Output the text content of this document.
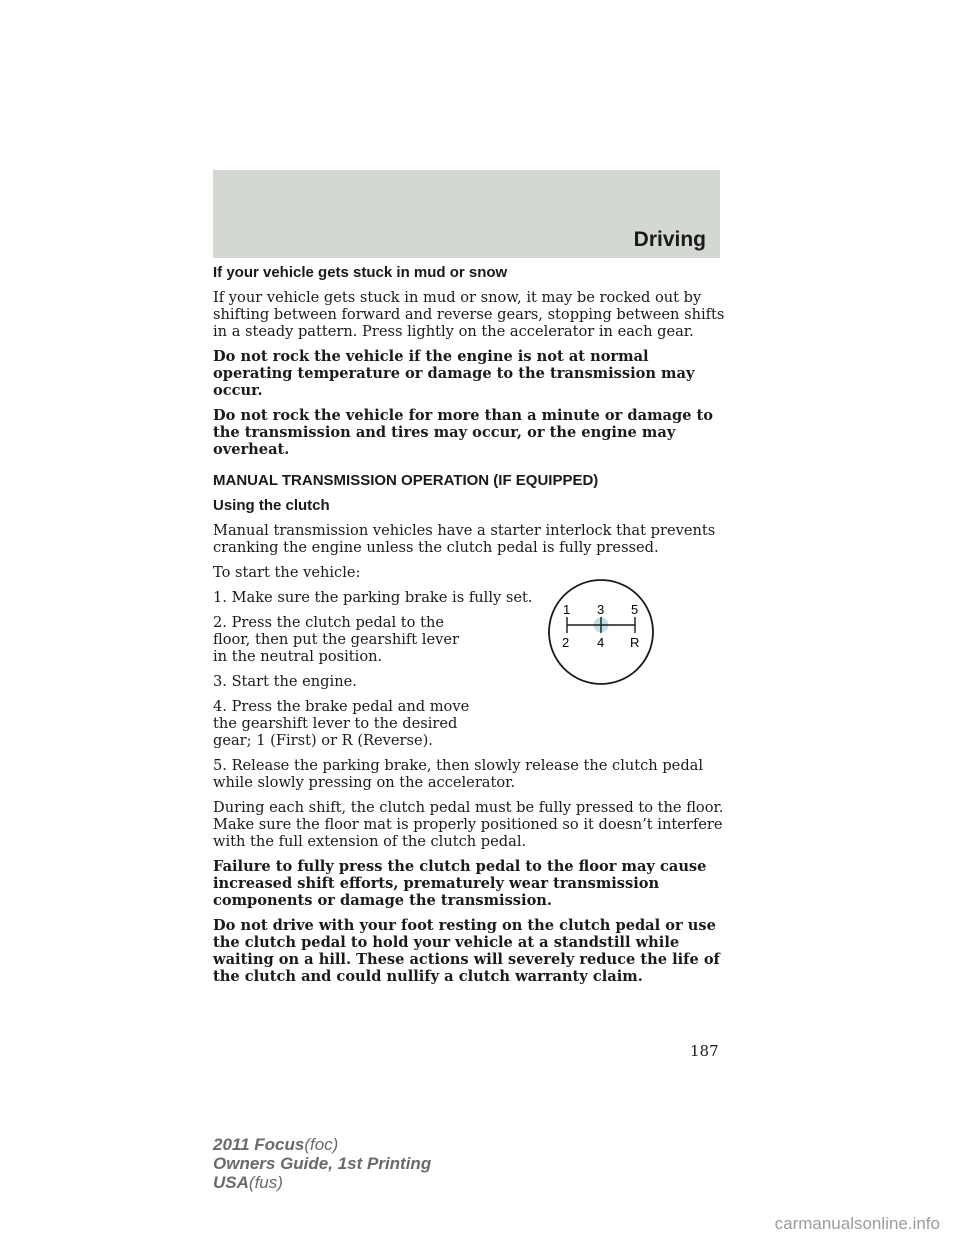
Driving
If your vehicle gets stuck in mud or snow

If your vehicle gets stuck in mud or snow, it may be rocked out by shifting between forward and reverse gears, stopping between shifts in a steady pattern. Press lightly on the accelerator in each gear.

Do not rock the vehicle if the engine is not at normal operating temperature or damage to the transmission may occur.

Do not rock the vehicle for more than a minute or damage to the transmission and tires may occur, or the engine may overheat.

MANUAL TRANSMISSION OPERATION (IF EQUIPPED)
Using the clutch

Manual transmission vehicles have a starter interlock that prevents cranking the engine unless the clutch pedal is fully pressed.

To start the vehicle:

1. Make sure the parking brake is fully set.

2. Press the clutch pedal to the floor, then put the gearshift lever in the neutral position.

3. Start the engine.

4. Press the brake pedal and move the gearshift lever to the desired gear; 1 (First) or R (Reverse).

5. Release the parking brake, then slowly release the clutch pedal while slowly pressing on the accelerator.

During each shift, the clutch pedal must be fully pressed to the floor. Make sure the floor mat is properly positioned so it doesn’t interfere with the full extension of the clutch pedal.

Failure to fully press the clutch pedal to the floor may cause increased shift efforts, prematurely wear transmission components or damage the transmission.

Do not drive with your foot resting on the clutch pedal or use the clutch pedal to hold your vehicle at a standstill while waiting on a hill. These actions will severely reduce the life of the clutch and could nullify a clutch warranty claim.

1 3 5
2 4 R
187
2011 Focus(foc)
Owners Guide, 1st Printing
USA(fus)
carmanualsonline.info
